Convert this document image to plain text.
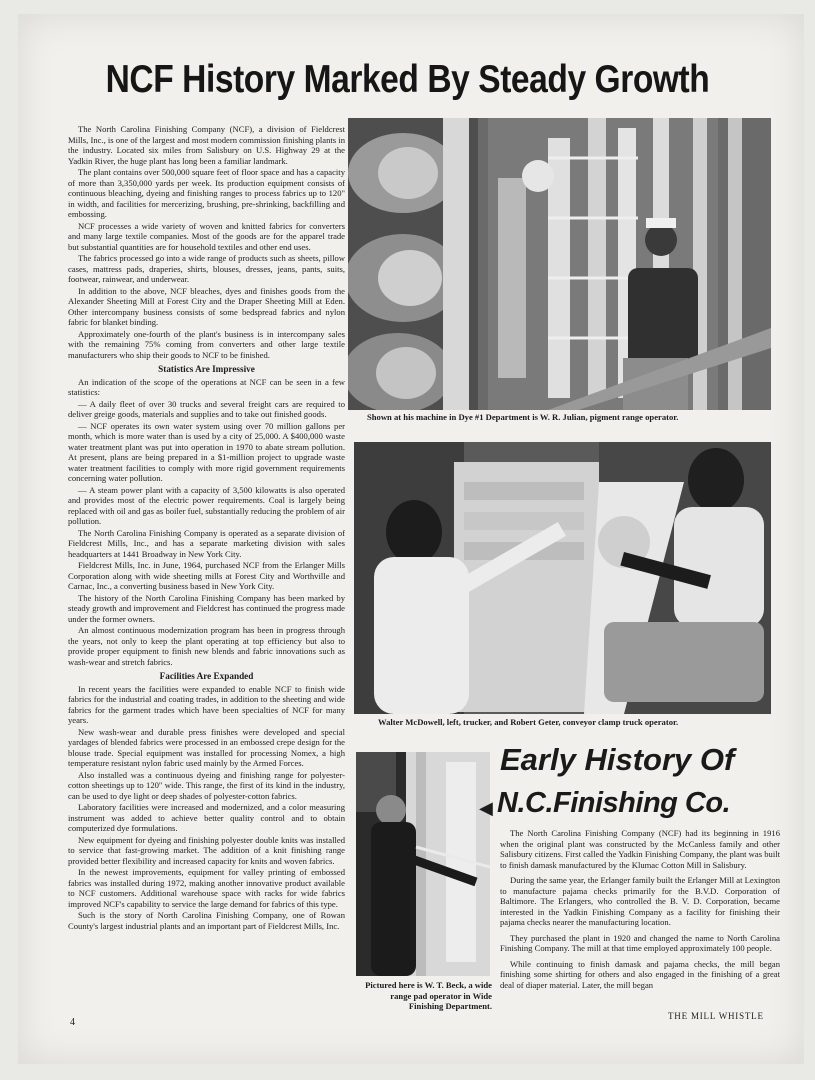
NCF History Marked By Steady Growth

The North Carolina Finishing Company (NCF), a division of Fieldcrest Mills, Inc., is one of the largest and most modern commission finishing plants in the industry. Located six miles from Salisbury on U.S. Highway 29 at the Yadkin River, the huge plant has long been a familiar landmark.

The plant contains over 500,000 square feet of floor space and has a capacity of more than 3,350,000 yards per week. Its production equipment consists of continuous bleaching, dyeing and finishing ranges to process fabrics up to 120" in width, and facilities for mercerizing, brushing, pre-shrinking, backfilling and embossing.

NCF processes a wide variety of woven and knitted fabrics for converters and many large textile companies. Most of the goods are for the apparel trade but substantial quantities are for household textiles and other end uses.

The fabrics processed go into a wide range of products such as sheets, pillow cases, mattress pads, draperies, shirts, blouses, dresses, jeans, pants, suits, footwear, rainwear, and underwear.

In addition to the above, NCF bleaches, dyes and finishes goods from the Alexander Sheeting Mill at Forest City and the Draper Sheeting Mill at Eden. Other intercompany business consists of some bedspread fabrics and nylon fabric for blanket binding.

Approximately one-fourth of the plant's business is in intercompany sales with the remaining 75% coming from converters and other large textile manufacturers who ship their goods to NCF to be finished.

Statistics Are Impressive

An indication of the scope of the operations at NCF can be seen in a few statistics:

— A daily fleet of over 30 trucks and several freight cars are required to deliver greige goods, materials and supplies and to take out finished goods.

— NCF operates its own water system using over 70 million gallons per month, which is more water than is used by a city of 25,000. A $400,000 waste water treatment plant was put into operation in 1970 to abate stream pollution. At present, plans are being prepared in a $1-million project to upgrade waste water treatment facilities to comply with more rigid government requirements concerning water pollution.

— A steam power plant with a capacity of 3,500 kilowatts is also operated and provides most of the electric power requirements. Coal is largely being replaced with oil and gas as boiler fuel, substantially reducing the problem of air pollution.

The North Carolina Finishing Company is operated as a separate division of Fieldcrest Mills, Inc., and has a separate marketing division with sales headquarters at 1441 Broadway in New York City.

Fieldcrest Mills, Inc. in June, 1964, purchased NCF from the Erlanger Mills Corporation along with wide sheeting mills at Forest City and Worthville and Carnac, Inc., a converting business based in New York City.

The history of the North Carolina Finishing Company has been marked by steady growth and improvement and Fieldcrest has continued the progress made under the former owners.

An almost continuous modernization program has been in progress through the years, not only to keep the plant operating at top efficiency but also to provide proper equipment to finish new blends and fabric innovations such as wash-wear and stretch fabrics.

Facilities Are Expanded

In recent years the facilities were expanded to enable NCF to finish wide fabrics for the industrial and coating trades, in addition to the sheeting and wide fabrics for the garment trades which have been specialties of NCF for many years.

New wash-wear and durable press finishes were developed and special yardages of blended fabrics were processed in an embossed crepe design for the blouse trade. Special equipment was installed for processing Nomex, a high temperature resistant nylon fabric used mainly by the Armed Forces.

Also installed was a continuous dyeing and finishing range for polyester-cotton sheetings up to 120" wide. This range, the first of its kind in the industry, can be used to dye light or deep shades of polyester-cotton fabrics.

Laboratory facilities were increased and modernized, and a color measuring instrument was added to achieve better quality control and to obtain computerized dye formulations.

New equipment for dyeing and finishing polyester double knits was installed to service that fast-growing market. The addition of a knit finishing range provided better flexibility and increased capacity for knits and woven fabrics.

In the newest improvements, equipment for valley printing of embossed fabrics was installed during 1972, making another innovative product available to NCF customers. Additional warehouse space with racks for wide fabrics improved NCF's capability to service the large demand for fabrics of this type.

Such is the story of North Carolina Finishing Company, one of Rowan County's largest industrial plants and an important part of Fieldcrest Mills, Inc.

Shown at his machine in Dye #1 Department is W. R. Julian, pigment range operator.
Walter McDowell, left, trucker, and Robert Geter, conveyor clamp truck operator.
Pictured here is W. T. Beck, a wide range pad operator in Wide Finishing Department.
Early History Of
◀ N.C.Finishing Co.

The North Carolina Finishing Company (NCF) had its beginning in 1916 when the original plant was constructed by the McCanless family and other Salisbury citizens. First called the Yadkin Finishing Company, the plant was built to finish damask manufactured by the Klumac Cotton Mill in Salisbury.

During the same year, the Erlanger family built the Erlanger Mill at Lexington to manufacture pajama checks primarily for the B.V.D. Corporation of Baltimore. The Erlangers, who controlled the B. V. D. Corporation, became interested in the Yadkin Finishing Company as a facility for finishing their pajama checks nearer the manufacturing location.

They purchased the plant in 1920 and changed the name to North Carolina Finishing Company. The mill at that time employed approximately 100 people.

While continuing to finish damask and pajama checks, the mill began finishing some shirting for others and also engaged in the finishing of a great deal of diaper material. Later, the mill began

4
THE MILL WHISTLE
